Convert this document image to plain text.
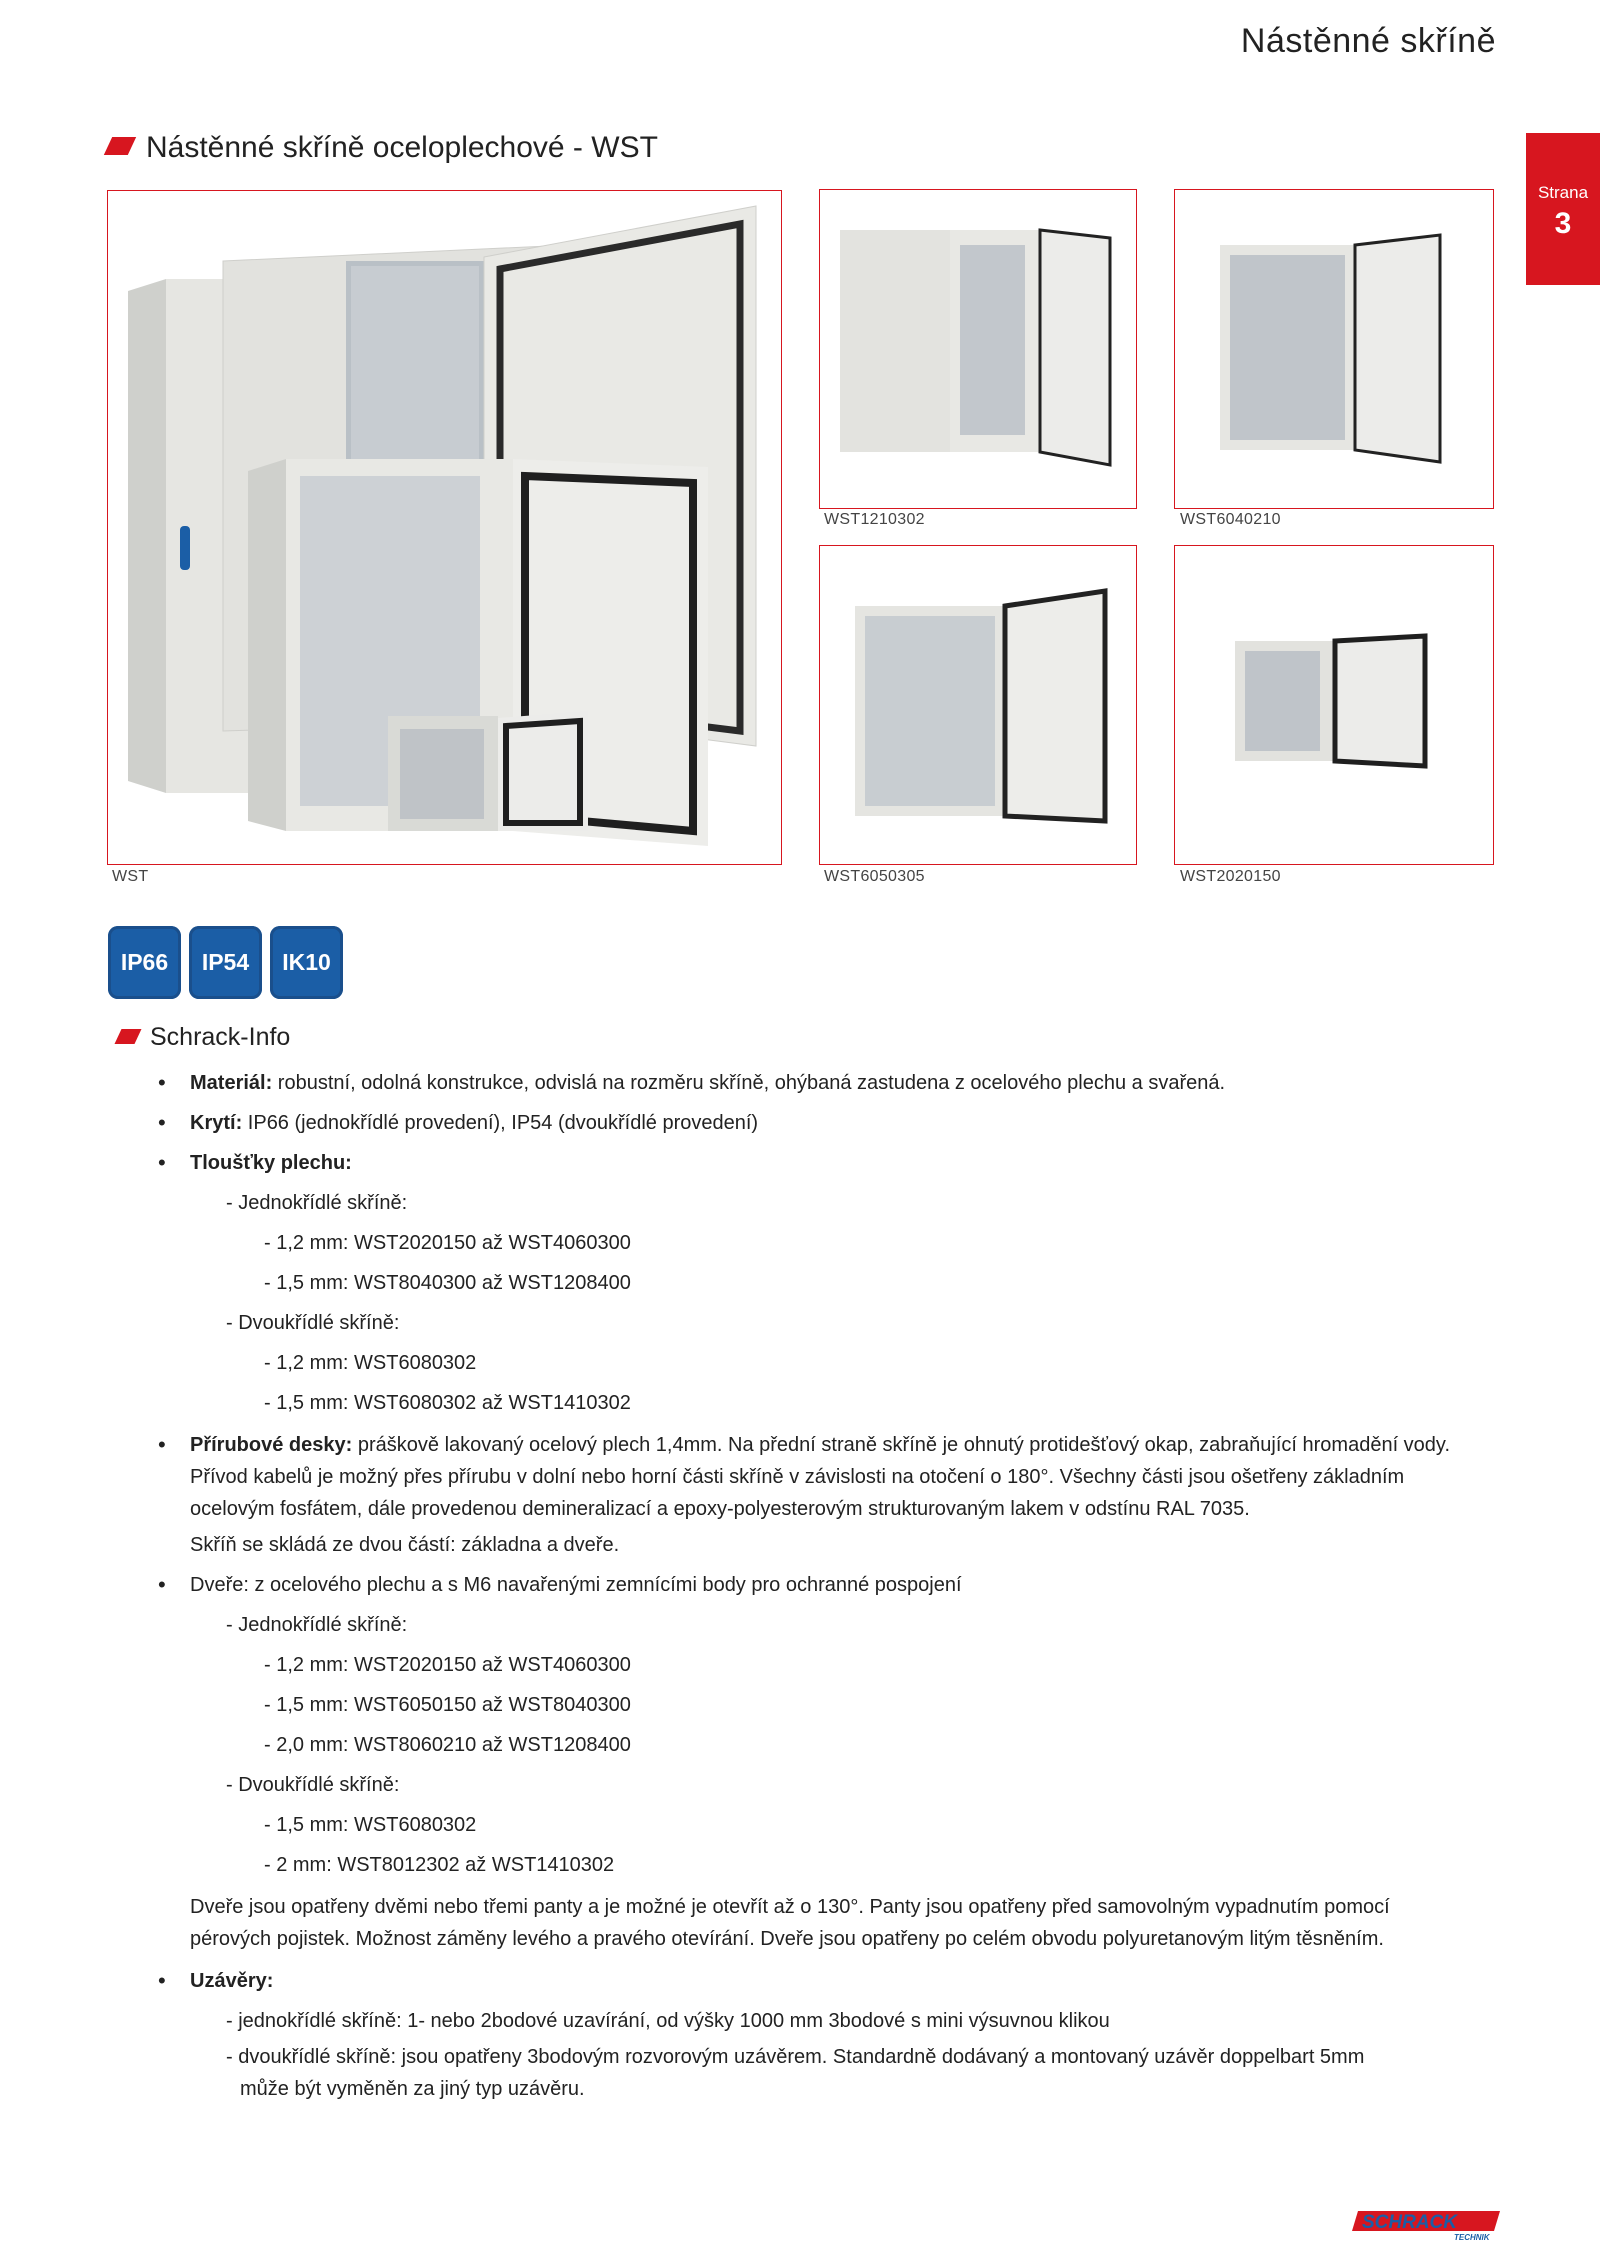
Nástěnné skříně
Strana
3
Nástěnné skříně oceloplechové - WST
WST
WST1210302	WST6040210
WST6050305	WST2020150
IP66	IP54	IK10
Schrack-Info
• Materiál: robustní, odolná konstrukce, odvislá na rozměru skříně, ohýbaná zastudena z ocelového plechu a svařená.
• Krytí: IP66 (jednokřídlé provedení), IP54 (dvoukřídlé provedení)
• Tloušťky plechu:
- Jednokřídlé skříně:
- 1,2 mm: WST2020150 až WST4060300
- 1,5 mm: WST8040300 až WST1208400
- Dvoukřídlé skříně:
- 1,2 mm: WST6080302
- 1,5 mm: WST6080302 až WST1410302
• Přírubové desky: práškově lakovaný ocelový plech 1,4mm. Na přední straně skříně je ohnutý protidešťový okap, zabraňující hromadění vody. Přívod kabelů je možný přes přírubu v dolní nebo horní části skříně v závislosti na otočení o 180°. Všechny části jsou ošetřeny základním ocelovým fosfátem, dále provedenou demineralizací a epoxy-polyesterovým strukturovaným lakem v odstínu RAL 7035.
Skříň se skládá ze dvou částí: základna a dveře.
• Dveře: z ocelového plechu a s M6 navařenými zemnícími body pro ochranné pospojení
- Jednokřídlé skříně:
- 1,2 mm: WST2020150 až WST4060300
- 1,5 mm: WST6050150 až WST8040300
- 2,0 mm: WST8060210 až WST1208400
- Dvoukřídlé skříně:
- 1,5 mm: WST6080302
- 2 mm: WST8012302 až WST1410302
Dveře jsou opatřeny dvěmi nebo třemi panty a je možné je otevřít až o 130°. Panty jsou opatřeny před samovolným vypadnutím pomocí pérových pojistek. Možnost záměny levého a pravého otevírání. Dveře jsou opatřeny po celém obvodu polyuretanovým litým těsněním.
• Uzávěry:
- jednokřídlé skříně: 1- nebo 2bodové uzavírání, od výšky 1000 mm 3bodové s mini výsuvnou klikou
- dvoukřídlé skříně: jsou opatřeny 3bodovým rozvorovým uzávěrem. Standardně dodávaný a montovaný uzávěr doppelbart 5mm
může být vyměněn za jiný typ uzávěru.
SCHRACK
TECHNIK
